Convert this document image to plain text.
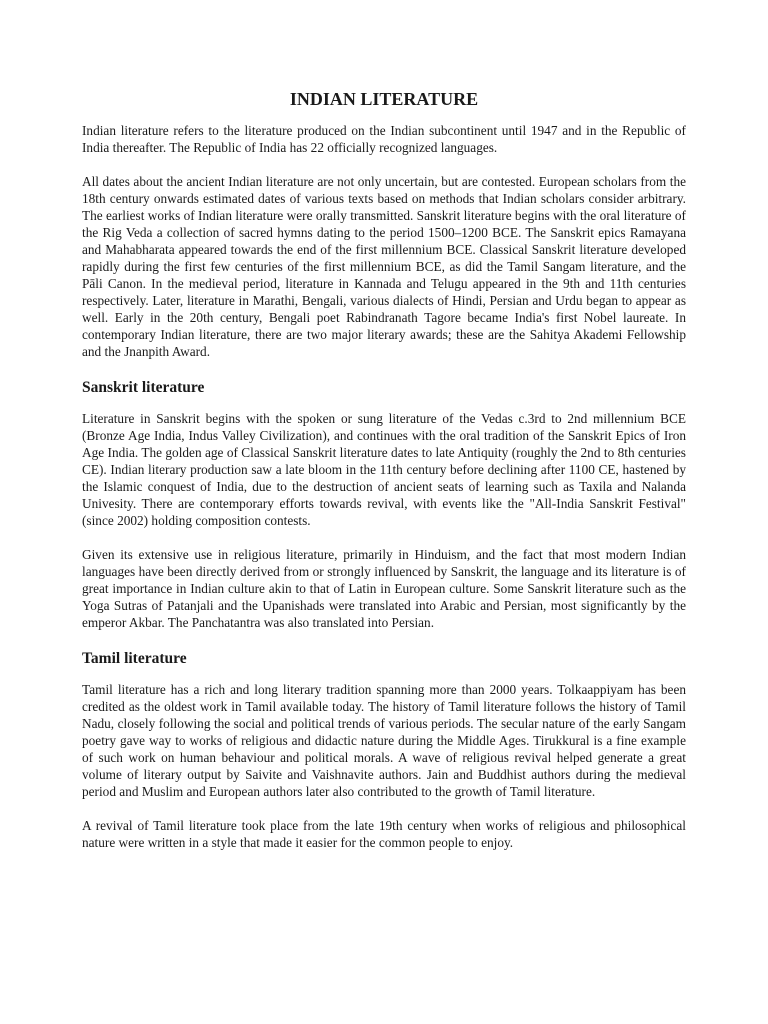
INDIAN LITERATURE

Indian literature refers to the literature produced on the Indian subcontinent until 1947 and in the Republic of India thereafter. The Republic of India has 22 officially recognized languages.

All dates about the ancient Indian literature are not only uncertain, but are contested. European scholars from the 18th century onwards estimated dates of various texts based on methods that Indian scholars consider arbitrary. The earliest works of Indian literature were orally transmitted. Sanskrit literature begins with the oral literature of the Rig Veda a collection of sacred hymns dating to the period 1500–1200 BCE. The Sanskrit epics Ramayana and Mahabharata appeared towards the end of the first millennium BCE. Classical Sanskrit literature developed rapidly during the first few centuries of the first millennium BCE, as did the Tamil Sangam literature, and the Pāli Canon. In the medieval period, literature in Kannada and Telugu appeared in the 9th and 11th centuries respectively. Later, literature in Marathi, Bengali, various dialects of Hindi, Persian and Urdu began to appear as well. Early in the 20th century, Bengali poet Rabindranath Tagore became India's first Nobel laureate. In contemporary Indian literature, there are two major literary awards; these are the Sahitya Akademi Fellowship and the Jnanpith Award.

Sanskrit literature

Literature in Sanskrit begins with the spoken or sung literature of the Vedas c.3rd to 2nd millennium BCE (Bronze Age India, Indus Valley Civilization), and continues with the oral tradition of the Sanskrit Epics of Iron Age India. The golden age of Classical Sanskrit literature dates to late Antiquity (roughly the 2nd to 8th centuries CE). Indian literary production saw a late bloom in the 11th century before declining after 1100 CE, hastened by the Islamic conquest of India, due to the destruction of ancient seats of learning such as Taxila and Nalanda Univesity. There are contemporary efforts towards revival, with events like the "All-India Sanskrit Festival" (since 2002) holding composition contests.

Given its extensive use in religious literature, primarily in Hinduism, and the fact that most modern Indian languages have been directly derived from or strongly influenced by Sanskrit, the language and its literature is of great importance in Indian culture akin to that of Latin in European culture. Some Sanskrit literature such as the Yoga Sutras of Patanjali and the Upanishads were translated into Arabic and Persian, most significantly by the emperor Akbar. The Panchatantra was also translated into Persian.

Tamil literature

Tamil literature has a rich and long literary tradition spanning more than 2000 years. Tolkaappiyam has been credited as the oldest work in Tamil available today. The history of Tamil literature follows the history of Tamil Nadu, closely following the social and political trends of various periods. The secular nature of the early Sangam poetry gave way to works of religious and didactic nature during the Middle Ages. Tirukkural is a fine example of such work on human behaviour and political morals. A wave of religious revival helped generate a great volume of literary output by Saivite and Vaishnavite authors. Jain and Buddhist authors during the medieval period and Muslim and European authors later also contributed to the growth of Tamil literature.

A revival of Tamil literature took place from the late 19th century when works of religious and philosophical nature were written in a style that made it easier for the common people to enjoy.
